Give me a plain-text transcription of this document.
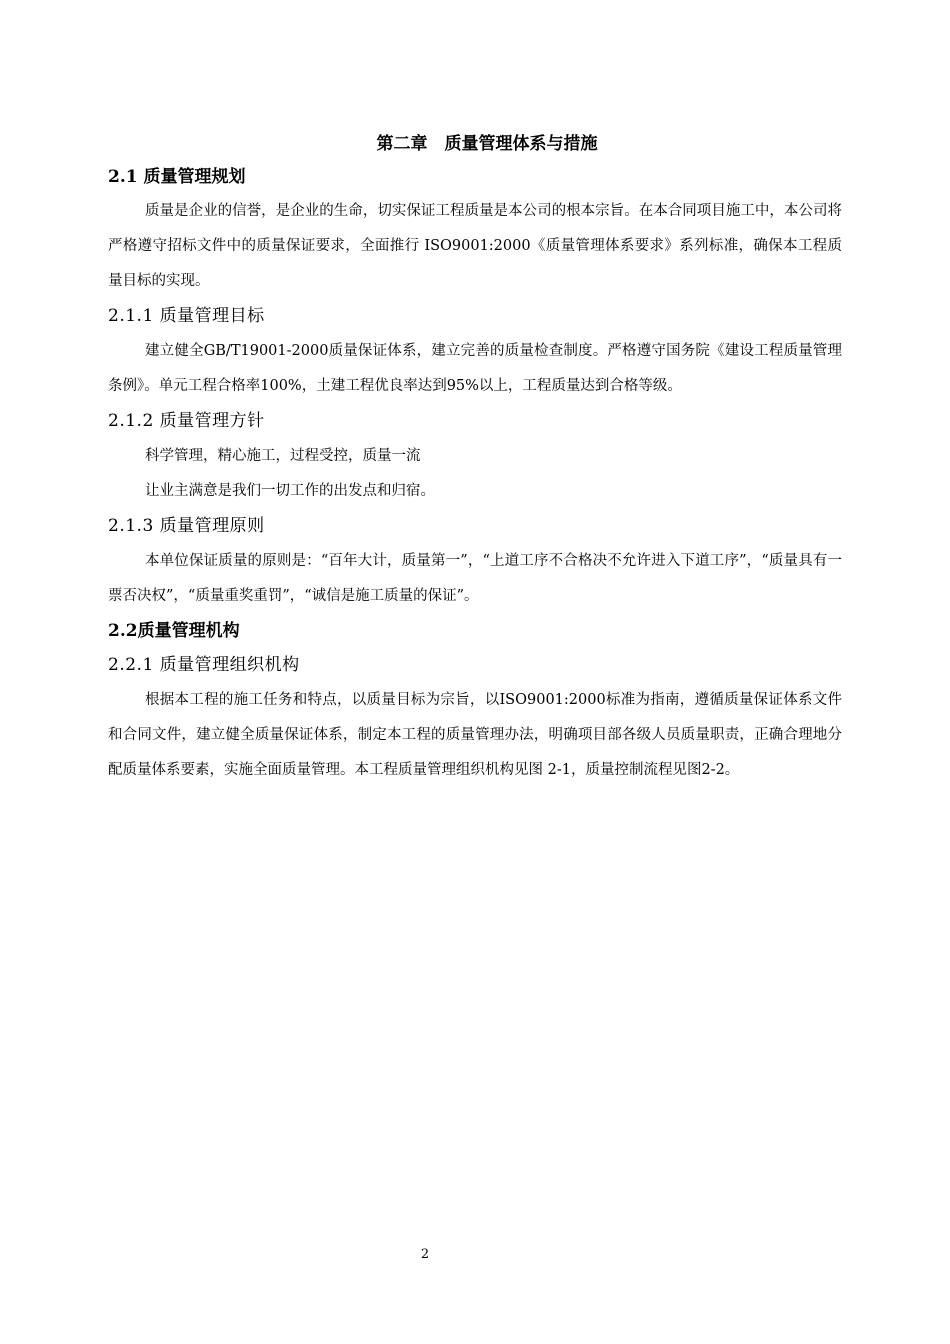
第二章　质量管理体系与措施
2.1 质量管理规划
质量是企业的信誉，是企业的生命，切实保证工程质量是本公司的根本宗旨。在本合同项目施工中，本公司将严格遵守招标文件中的质量保证要求，全面推行 ISO9001:2000《质量管理体系要求》系列标准，确保本工程质量目标的实现。
2.1.1 质量管理目标
建立健全GB/T19001-2000质量保证体系，建立完善的质量检查制度。严格遵守国务院《建设工程质量管理条例》。单元工程合格率100%，土建工程优良率达到95%以上，工程质量达到合格等级。
2.1.2 质量管理方针
科学管理，精心施工，过程受控，质量一流
让业主满意是我们一切工作的出发点和归宿。
2.1.3 质量管理原则
本单位保证质量的原则是：“百年大计，质量第一”，“上道工序不合格决不允许进入下道工序”，“质量具有一票否决权”，“质量重奖重罚”，“诚信是施工质量的保证”。
2.2质量管理机构
2.2.1 质量管理组织机构
根据本工程的施工任务和特点，以质量目标为宗旨，以ISO9001:2000标准为指南，遵循质量保证体系文件和合同文件，建立健全质量保证体系，制定本工程的质量管理办法，明确项目部各级人员质量职责，正确合理地分配质量体系要素，实施全面质量管理。本工程质量管理组织机构见图 2-1，质量控制流程见图2-2。
2
